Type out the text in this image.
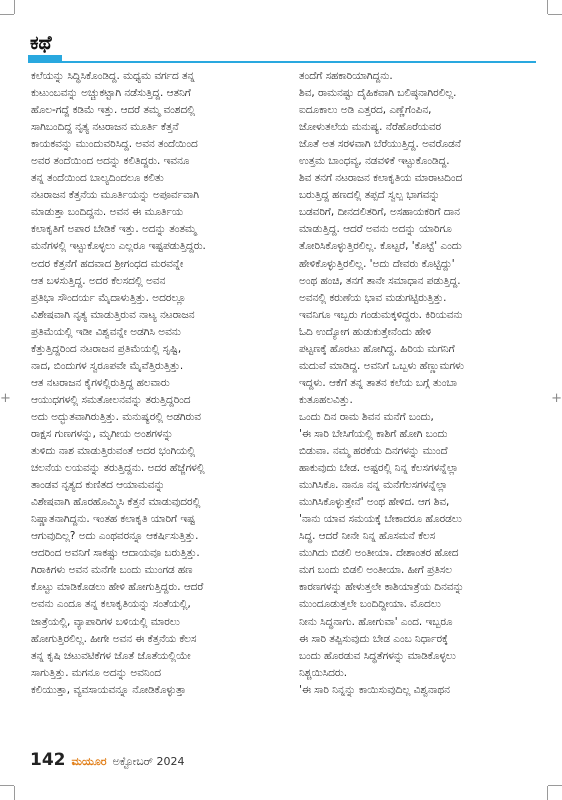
+	+
ಕಥೆ
ಕಲೆಯನ್ನು ಸಿದ್ಧಿಸಿಕೊಂಡಿದ್ದ. ಮಧ್ಯಮ ವರ್ಗದ ತನ್ನ
ಕುಟುಂಬವನ್ನು ಅಚ್ಚುಕಟ್ಟಾಗಿ ನಡೆಸುತ್ತಿದ್ದ. ಆತನಿಗೆ
ಹೊಲ-ಗದ್ದೆ ಕಡಿಮೆ ಇತ್ತು. ಆದರೆ ತಮ್ಮ ವಂಶದಲ್ಲಿ
ಸಾಗಿಬಂದಿದ್ದ ನೃತ್ಯ ನಟರಾಜನ ಮೂರ್ತಿ ಕೆತ್ತನೆ
ಕಾಯಕವನ್ನು ಮುಂದುವರಿಸಿದ್ದ. ಅವನ ತಂದೆಯಿಂದ
ಅವರ ತಂದೆಯಿಂದ ಅದನ್ನು ಕಲಿತಿದ್ದರು. ಇವನೂ
ತನ್ನ ತಂದೆಯಿಂದ ಬಾಲ್ಯದಿಂದಲೂ ಕಲಿತು
ನಟರಾಜನ ಕೆತ್ತನೆಯ ಮೂರ್ತಿಯನ್ನು ಅಪೂರ್ವವಾಗಿ
ಮಾಡುತ್ತಾ ಬಂದಿದ್ದನು. ಅವನ ಈ ಮೂರ್ತಿಯ
ಕಲಾಕೃತಿಗೆ ಅಪಾರ ಬೇಡಿಕೆ ಇತ್ತು. ಅದನ್ನು ತಂತಮ್ಮ
ಮನೆಗಳಲ್ಲಿ ಇಟ್ಟುಕೊಳ್ಳಲು ಎಲ್ಲರೂ ಇಷ್ಟಪಡುತ್ತಿದ್ದರು.
ಅದರ ಕೆತ್ತನೆಗೆ ಹದವಾದ ಶ್ರೀಗಂಧದ ಮರವನ್ನೇ
ಆತ ಬಳಸುತ್ತಿದ್ದ. ಅದರ ಕೆಲಸದಲ್ಲಿ ಅವನ
ಪ್ರತಿಭಾ ಸೌಂದರ್ಯ ಮೈದಾಳುತ್ತಿತ್ತು. ಅದರಲ್ಲೂ
ವಿಶೇಷವಾಗಿ ನೃತ್ಯ ಮಾಡುತ್ತಿರುವ ನಾಟ್ಯ ನಟರಾಜನ
ಪ್ರತಿಮೆಯಲ್ಲಿ ಇಡೀ ವಿಶ್ವವನ್ನೇ ಅಡಗಿಸಿ ಅವನು
ಕೆತ್ತುತ್ತಿದ್ದರಿಂದ ನಟರಾಜನ ಪ್ರತಿಮೆಯಲ್ಲಿ ಸೃಷ್ಟಿ,
ನಾದ, ಬಿಂದುಗಳ ಸ್ವರೂಪವೇ ಮೈವೆತ್ತಿರುತ್ತಿತ್ತು.
ಆತ ನಟರಾಜನ ಕೈಗಳಲ್ಲಿರುತ್ತಿದ್ದ ಹಲವಾರು
ಆಯುಧಗಳಲ್ಲಿ ಸಮತೋಲನವನ್ನು ತರುತ್ತಿದ್ದರಿಂದ
ಅದು ಅದ್ಭುತವಾಗಿರುತ್ತಿತ್ತು. ಮನುಷ್ಯರಲ್ಲಿ ಅಡಗಿರುವ
ರಾಕ್ಷಸ ಗುಣಗಳನ್ನು, ಮೃಗೀಯ ಅಂಶಗಳನ್ನು
ತುಳಿದು ನಾಶ ಮಾಡುತ್ತಿರುವಂತೆ ಅದರ ಭಂಗಿಯಲ್ಲಿ
ಚಲನೆಯ ಲಯವನ್ನು ತರುತ್ತಿದ್ದನು. ಅದರ ಹೆಜ್ಜೆಗಳಲ್ಲಿ
ತಾಂಡವ ನೃತ್ಯದ ಕುಣಿತದ ಆಯಾಮವನ್ನು
ವಿಶೇಷವಾಗಿ ಹೊರಹೊಮ್ಮಿಸಿ ಕೆತ್ತನೆ ಮಾಡುವುದರಲ್ಲಿ
ನಿಷ್ಣಾತನಾಗಿದ್ದನು. ಇಂತಹ ಕಲಾಕೃತಿ ಯಾರಿಗೆ ಇಷ್ಟ
ಆಗುವುದಿಲ್ಲ? ಅದು ಎಂಥವರನ್ನೂ ಆಕರ್ಷಿಸುತ್ತಿತ್ತು.
ಆದರಿಂದ ಅವನಿಗೆ ಸಾಕಷ್ಟು ಆದಾಯವೂ ಬರುತ್ತಿತ್ತು.
ಗಿರಾಕಿಗಳು ಅವನ ಮನೆಗೇ ಬಂದು ಮುಂಗಡ ಹಣ
ಕೊಟ್ಟು ಮಾಡಿಕೊಡಲು ಹೇಳಿ ಹೋಗುತ್ತಿದ್ದರು. ಆದರೆ
ಅವನು ಎಂದೂ ತನ್ನ ಕಲಾಕೃತಿಯನ್ನು ಸಂತೆಯಲ್ಲಿ,
ಜಾತ್ರೆಯಲ್ಲಿ, ವ್ಯಾಪಾರಿಗಳ ಬಳಿಯಲ್ಲಿ ಮಾರಲು
ಹೋಗುತ್ತಿರಲಿಲ್ಲ. ಹೀಗೇ ಅವನ ಈ ಕೆತ್ತನೆಯ ಕೆಲಸ
ತನ್ನ ಕೃಷಿ ಚಟುವಟಿಕೆಗಳ ಜೊತೆ ಜೊತೆಯಲ್ಲಿಯೇ
ಸಾಗುತ್ತಿತ್ತು. ಮಗನೂ ಅದನ್ನು ಅವನಿಂದ
ಕಲಿಯುತ್ತಾ, ವ್ಯವಸಾಯವನ್ನೂ ನೋಡಿಕೊಳ್ಳುತ್ತಾ
ತಂದೆಗೆ ಸಹಕಾರಿಯಾಗಿದ್ದನು.
ಶಿವ, ರಾಮನಷ್ಟು ದೈಹಿಕವಾಗಿ ಬಲಿಷ್ಠನಾಗಿರಲಿಲ್ಲ.
ಐದೂಕಾಲು ಅಡಿ ಎತ್ತರದ, ಎಣ್ಣೆಗೆಂಪಿನ,
ಜೋಳುತಲೆಯ ಮನುಷ್ಯ. ನೆರೆಹೊರೆಯವರ
ಜೊತೆ ಅತ ಸರಳವಾಗಿ ಬೆರೆಯುತ್ತಿದ್ದ. ಅವರೊಡನೆ
ಉತ್ತಮ ಬಾಂಧವ್ಯ, ನಡವಳಿಕೆ ಇಟ್ಟುಕೊಂಡಿದ್ದ.
ಶಿವ ತನಗೆ ನಟರಾಜನ ಕಲಾಕೃತಿಯ ಮಾರಾಟದಿಂದ
ಬರುತ್ತಿದ್ದ ಹಣದಲ್ಲಿ ತಪ್ಪದೆ ಸ್ವಲ್ಪ ಭಾಗವನ್ನು
ಬಡವರಿಗೆ, ದೀನದಲಿತರಿಗೆ, ಅಸಹಾಯಕರಿಗೆ ದಾನ
ಮಾಡುತ್ತಿದ್ದ. ಆದರೆ ಅವನು ಅದನ್ನು ಯಾರಿಗೂ
ತೋರಿಸಿಕೊಳ್ಳುತ್ತಿರಲಿಲ್ಲ. ಕೊಟ್ಟರೆ, 'ಕೊಟ್ಟೆ' ಎಂದು
ಹೇಳಿಕೊಳ್ಳುತ್ತಿರಲಿಲ್ಲ. 'ಅದು ದೇವರು ಕೊಟ್ಟಿದ್ದು'
ಅಂಥ ಹಂಚಿ, ತನಗೆ ತಾನೇ ಸಮಾಧಾನ ಪಡುತ್ತಿದ್ದ.
ಅವನಲ್ಲಿ ಕರುಣೆಯ ಭಾವ ಮಡುಗಟ್ಟಿರುತ್ತಿತ್ತು.
ಇವನಿಗೂ ಇಬ್ಬರು ಗಂಡುಮಕ್ಕಳಿದ್ದರು. ಕಿರಿಯವನು
ಓದಿ ಉದ್ಯೋಗ ಹುಡುಕುತ್ತೇನೆಂದು ಹೇಳಿ
ಪಟ್ಟಣಕ್ಕೆ ಹೊರಟು ಹೋಗಿದ್ದ. ಹಿರಿಯ ಮಗನಿಗೆ
ಮದುವೆ ಮಾಡಿದ್ದ. ಅವನಿಗೆ ಒಬ್ಬಳು ಹೆಣ್ಣುಮಗಳು
ಇದ್ದಳು. ಆಕೆಗೆ ತನ್ನ ತಾತನ ಕಲೆಯ ಬಗ್ಗೆ ತುಂಬಾ
ಕುತೂಹಲವಿತ್ತು.
ಒಂದು ದಿನ ರಾಮ ಶಿವನ ಮನೆಗೆ ಬಂದು,
'ಈ ಸಾರಿ ಬೇಸಿಗೆಯಲ್ಲಿ ಕಾಶಿಗೆ ಹೋಗಿ ಬಂದು
ಬಿಡುವಾ. ನಮ್ಮ ಹರಕೆಯ ದಿನಗಳನ್ನು ಮುಂದೆ
ಹಾಕುವುದು ಬೇಡ. ಅಷ್ಟರಲ್ಲಿ ನಿನ್ನ ಕೆಲಸಗಳನ್ನೆಲ್ಲಾ
ಮುಗಿಸಿಕೊ. ನಾನೂ ನನ್ನ ಮನೆಗೆಲಸಗಳನ್ನೆಲ್ಲಾ
ಮುಗಿಸಿಕೊಳ್ಳುತ್ತೇನೆ' ಅಂಥ ಹೇಳಿದ. ಆಗ ಶಿವ,
'ನಾನು ಯಾವ ಸಮಯಕ್ಕೆ ಬೇಕಾದರೂ ಹೊರಡಲು
ಸಿದ್ಧ. ಆದರೆ ನೀನೇ ನಿನ್ನ ಹೊಸಮನೆ ಕೆಲಸ
ಮುಗಿದು ಬಿಡಲಿ ಅಂತೀಯಾ. ದೇಶಾಂತರ ಹೋದ
ಮಗ ಬಂದು ಬಿಡಲಿ ಅಂತೀಯಾ. ಹೀಗೆ ಪ್ರತಿಸಲ
ಕಾರಣಗಳನ್ನು ಹೇಳುತ್ತಲೇ ಕಾಶಿಯಾತ್ರೆಯ ದಿನವನ್ನು
ಮುಂದೂಡುತ್ತಲೇ ಬಂದಿದ್ದೀಯಾ. ಮೊದಲು
ನೀನು ಸಿದ್ಧನಾಗು. ಹೋಗುವಾ' ಎಂದ. ಇಬ್ಬರೂ
ಈ ಸಾರಿ ತಪ್ಪಿಸುವುದು ಬೇಡ ಎಂಬ ನಿರ್ಧಾರಕ್ಕೆ
ಬಂದು ಹೊರಡುವ ಸಿದ್ಧತೆಗಳನ್ನು ಮಾಡಿಕೊಳ್ಳಲು
ನಿಶ್ಚಯಿಸಿದರು.
'ಈ ಸಾರಿ ನಿನ್ನನ್ನು ಕಾಯಿಸುವುದಿಲ್ಲ ವಿಶ್ವನಾಥನ
142 ಮಯೂರ ಅಕ್ಟೋಬರ್ 2024
